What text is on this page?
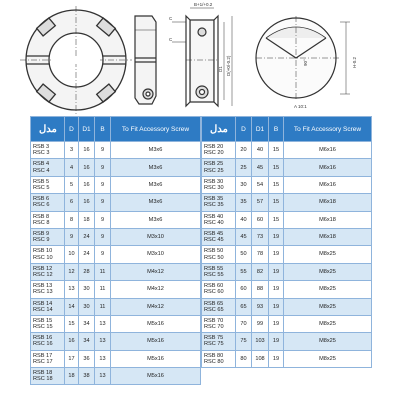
B+1/+0.2
C
C
D1 D(+0/-0.2)	90°	H-0.2
A 10:1
مدل	D	D1	B	To Fit Accessory Screw

RSB 3
RSC 3	3	16	9	M3x6

RSB 4
RSC 4	4	16	9	M3x6

RSB 5
RSC 5	5	16	9	M3x6

RSB 6
RSC 6	6	16	9	M3x6

RSB 8
RSC 8	8	18	9	M3x6

RSB 9
RSC 9	9	24	9	M3x10

RSB 10
RSC 10	10	24	9	M3x10

RSB 12
RSC 12	12	28	11	M4x12

RSB 13
RSC 13	13	30	11	M4x12

RSB 14
RSC 14	14	30	11	M4x12

RSB 15
RSC 15	15	34	13	M5x16

RSB 16
RSC 16	16	34	13	M5x16

RSB 17
RSC 17	17	36	13	M5x16

RSB 18
RSC 18	18	38	13	M5x16
مدل	D	D1	B	To Fit Accessory Screw

RSB 20
RSC 20	20	40	15	M6x16

RSB 25
RSC 25	25	45	15	M6x16

RSB 30
RSC 30	30	54	15	M6x16

RSB 35
RSC 35	35	57	15	M6x18

RSB 40
RSC 40	40	60	15	M6x18

RSB 45
RSC 45	45	73	19	M6x18

RSB 50
RSC 50	50	78	19	M8x25

RSB 55
RSC 55	55	82	19	M8x25

RSB 60
RSC 60	60	88	19	M8x25

RSB 65
RSC 65	65	93	19	M8x25

RSB 70
RSC 70	70	99	19	M8x25

RSB 75
RSC 75	75	103	19	M8x25

RSB 80
RSC 80	80	108	19	M8x25
